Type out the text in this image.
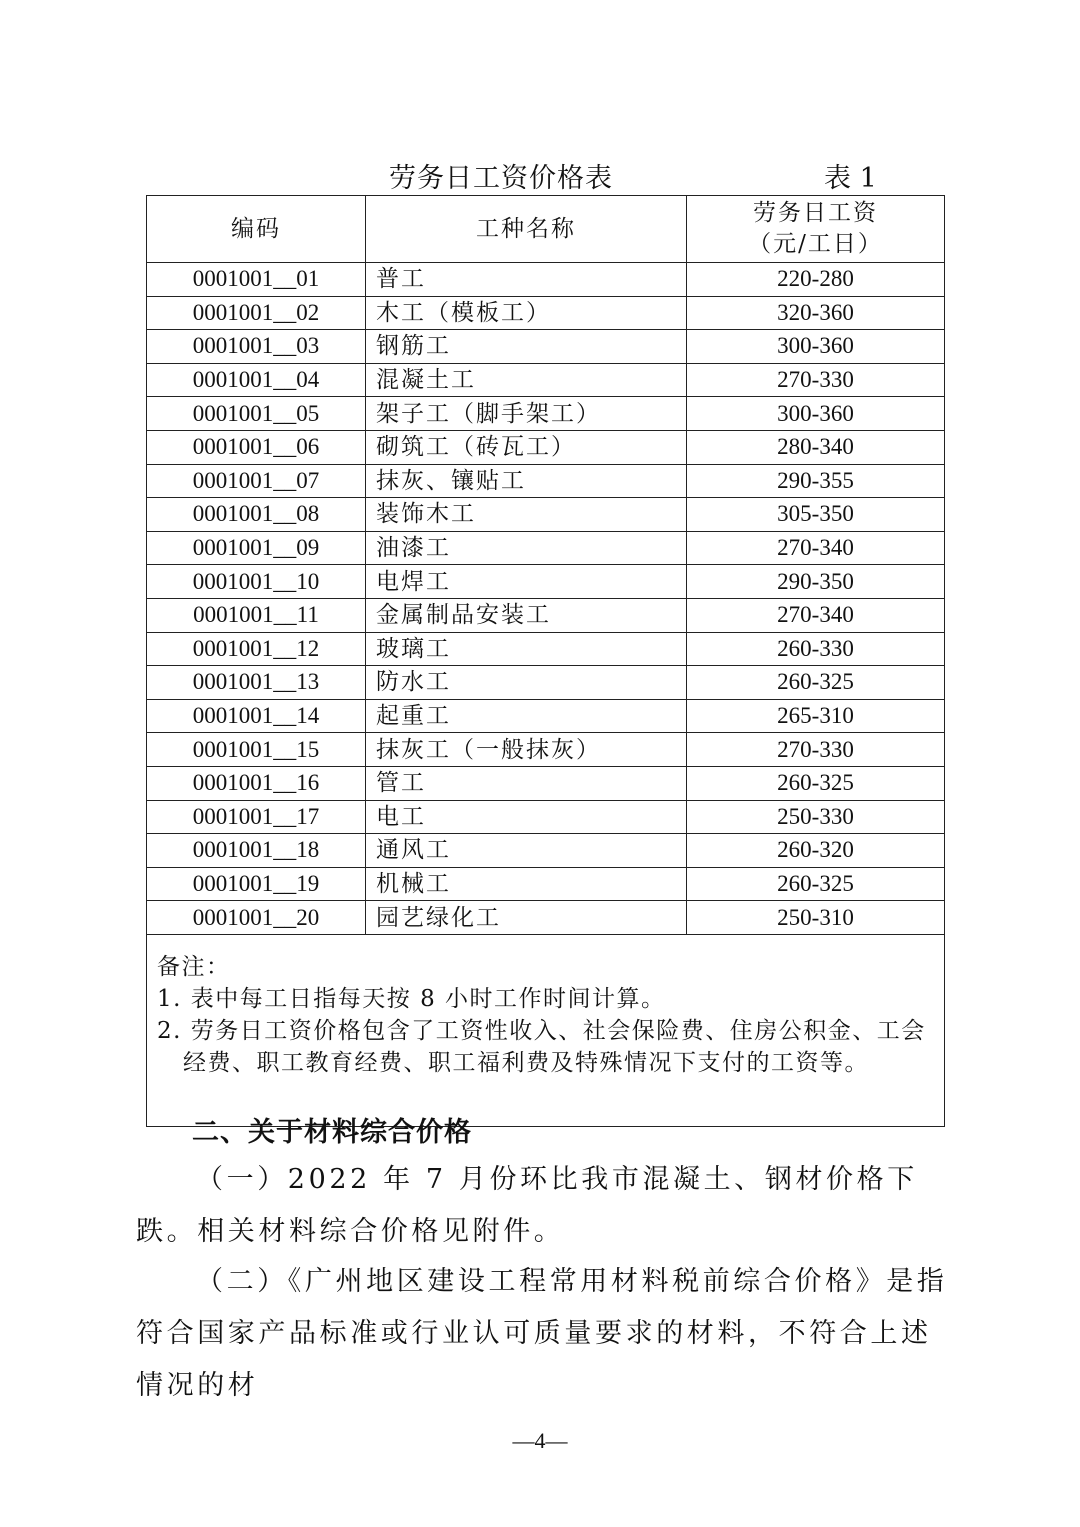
劳务日工资价格表	表 1
编码	工种名称	劳务日工资
（元/工日）

0001001__01	普工	220-280
0001001__02	木工（模板工）	320-360
0001001__03	钢筋工	300-360
0001001__04	混凝土工	270-330
0001001__05	架子工（脚手架工）	300-360
0001001__06	砌筑工（砖瓦工）	280-340
0001001__07	抹灰、镶贴工	290-355
0001001__08	装饰木工	305-350
0001001__09	油漆工	270-340
0001001__10	电焊工	290-350
0001001__11	金属制品安装工	270-340
0001001__12	玻璃工	260-330
0001001__13	防水工	260-325
0001001__14	起重工	265-310
0001001__15	抹灰工（一般抹灰）	270-330
0001001__16	管工	260-325
0001001__17	电工	250-330
0001001__18	通风工	260-320
0001001__19	机械工	260-325
0001001__20	园艺绿化工	250-310

备注：
1. 表中每工日指每天按 8 小时工作时间计算。
2. 劳务日工资价格包含了工资性收入、社会保险费、住房公积金、工会
经费、职工教育经费、职工福利费及特殊情况下支付的工资等。		
二、关于材料综合价格
（一）2022 年 7 月份环比我市混凝土、钢材价格下跌。相关材料综合价格见附件。
（二）《广州地区建设工程常用材料税前综合价格》是指符合国家产品标准或行业认可质量要求的材料，不符合上述情况的材
—4—
